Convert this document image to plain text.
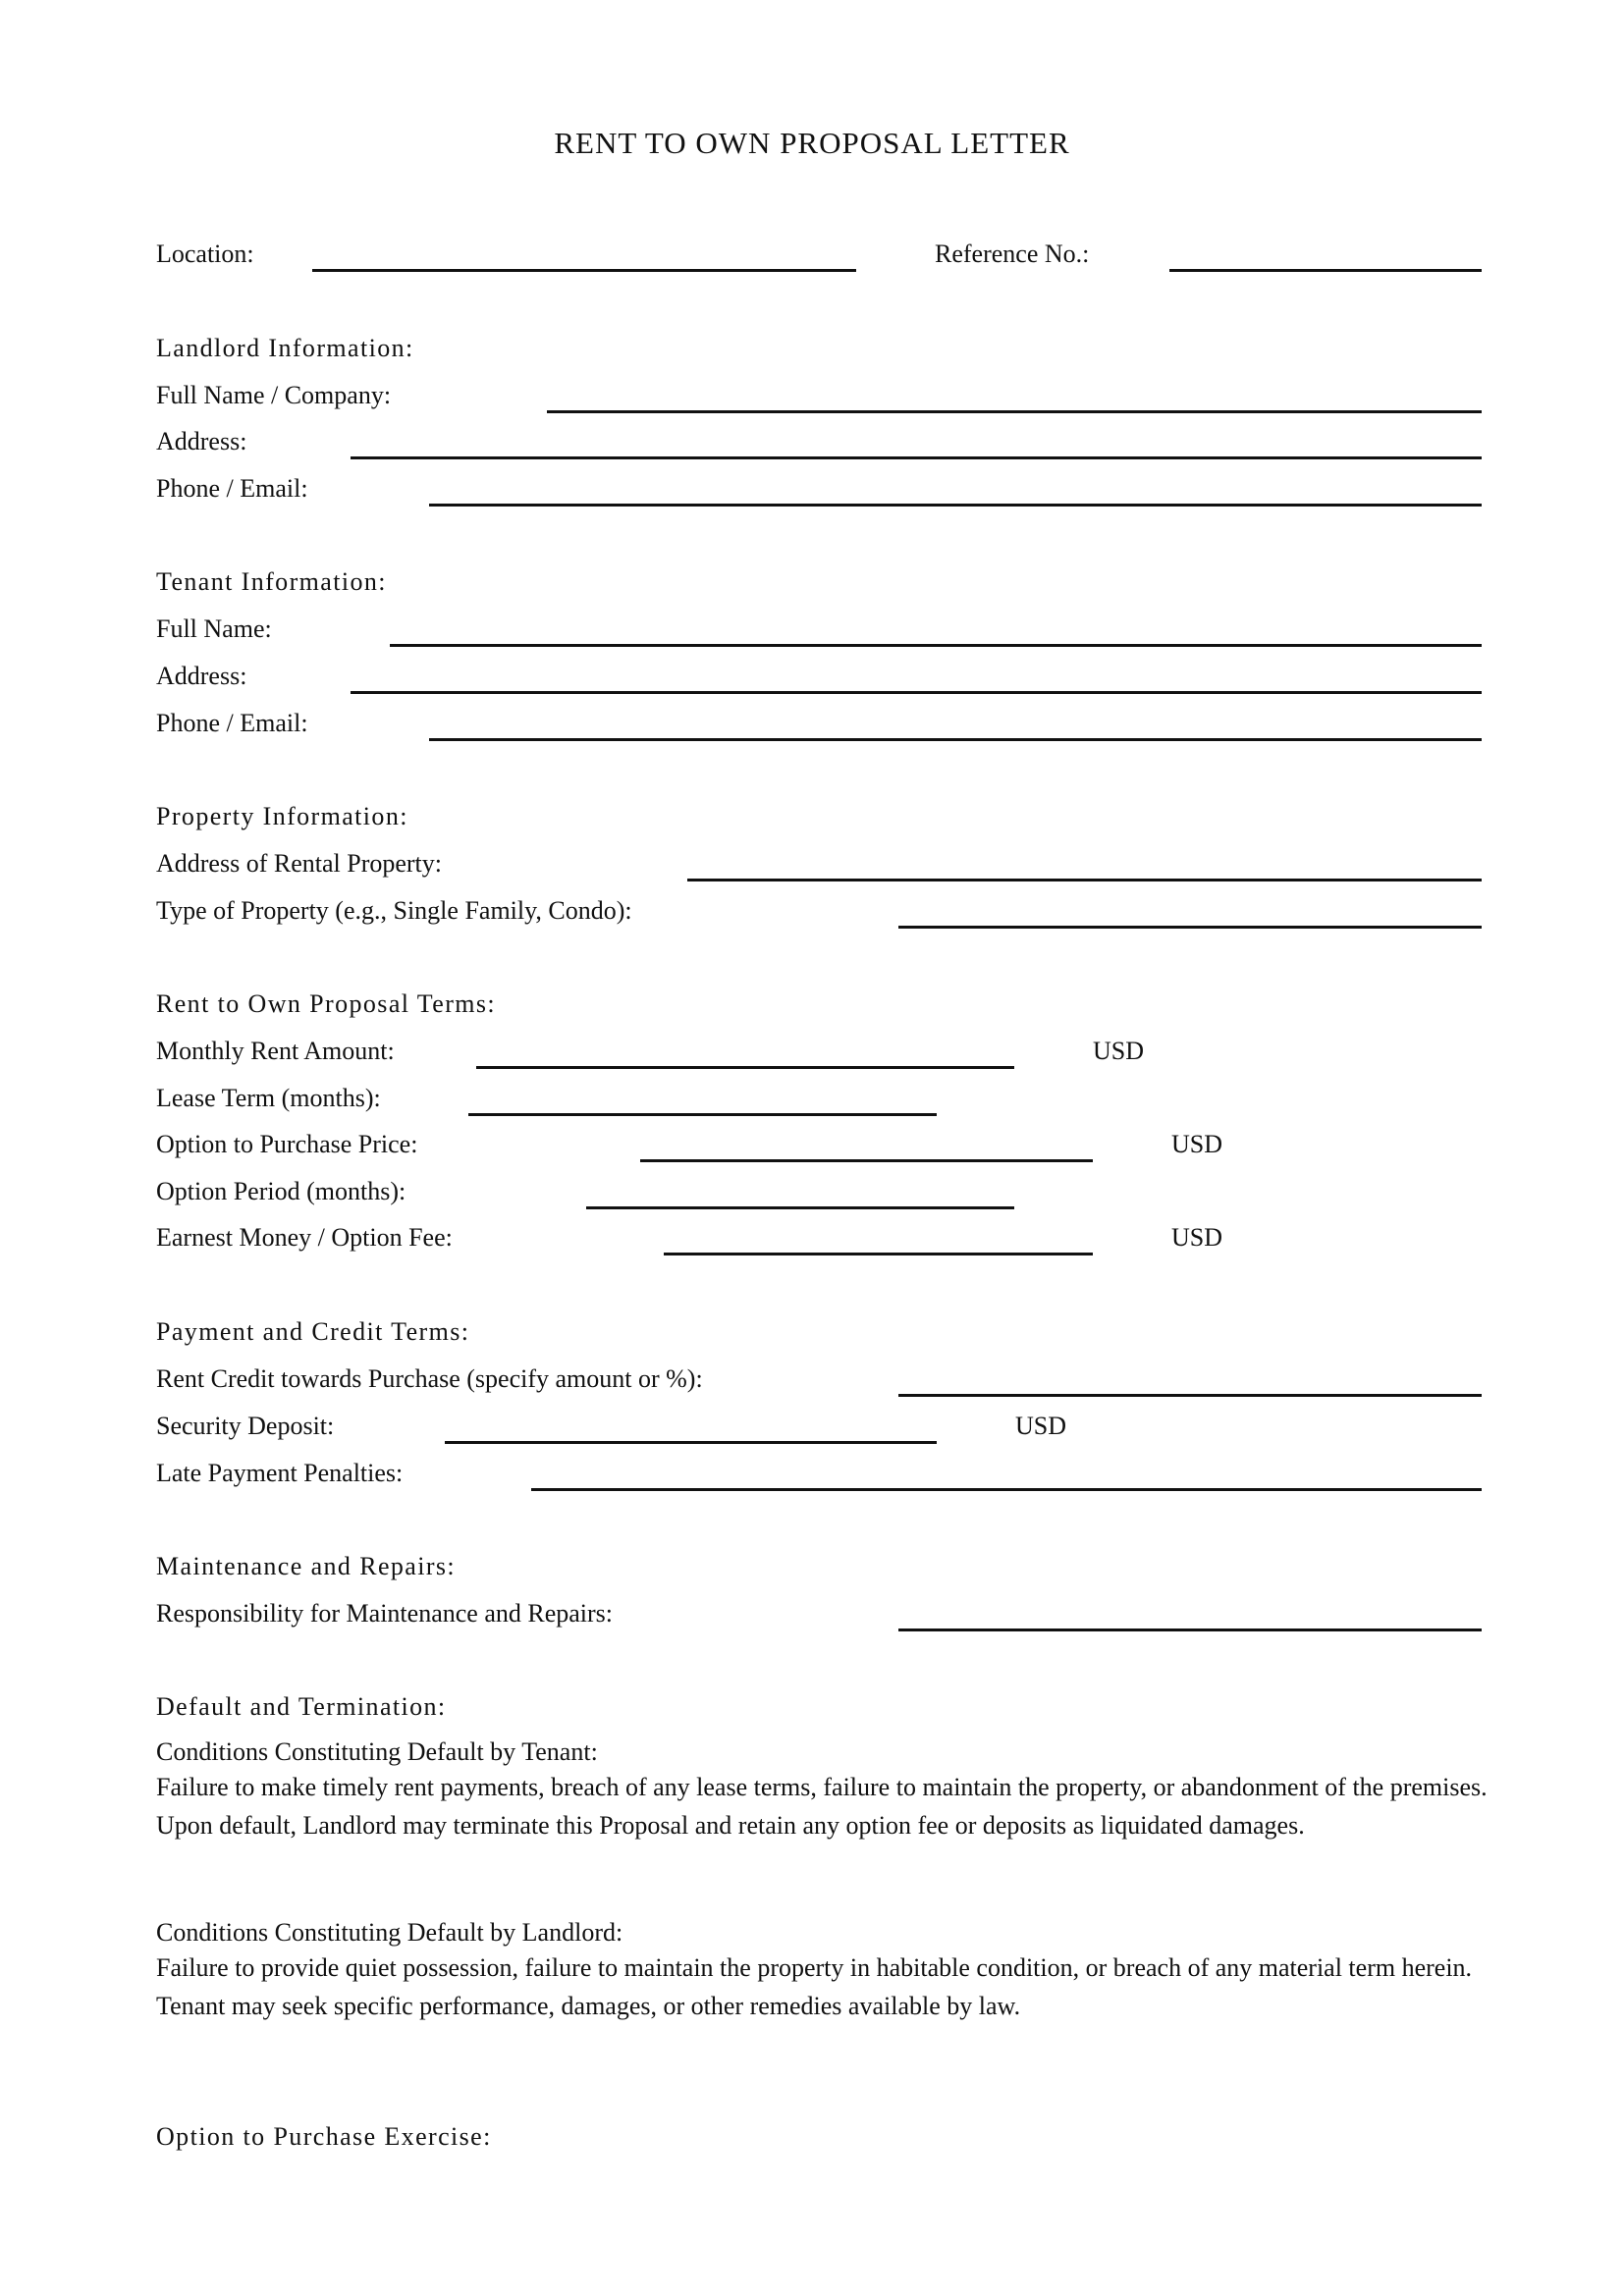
RENT TO OWN PROPOSAL LETTER
Location:	Reference No.:
Landlord Information:
Full Name / Company:
Address:
Phone / Email:
Tenant Information:
Full Name:
Address:
Phone / Email:
Property Information:
Address of Rental Property:
Type of Property (e.g., Single Family, Condo):
Rent to Own Proposal Terms:
Monthly Rent Amount:	USD
Lease Term (months):
Option to Purchase Price:	USD
Option Period (months):
Earnest Money / Option Fee:	USD
Payment and Credit Terms:
Rent Credit towards Purchase (specify amount or %):
Security Deposit:	USD
Late Payment Penalties:
Maintenance and Repairs:
Responsibility for Maintenance and Repairs:
Default and Termination:
Conditions Constituting Default by Tenant:
Failure to make timely rent payments, breach of any lease terms, failure to maintain the property, or abandonment of the premises. Upon default, Landlord may terminate this Proposal and retain any option fee or deposits as liquidated damages.
Conditions Constituting Default by Landlord:
Failure to provide quiet possession, failure to maintain the property in habitable condition, or breach of any material term herein. Tenant may seek specific performance, damages, or other remedies available by law.
Option to Purchase Exercise:
